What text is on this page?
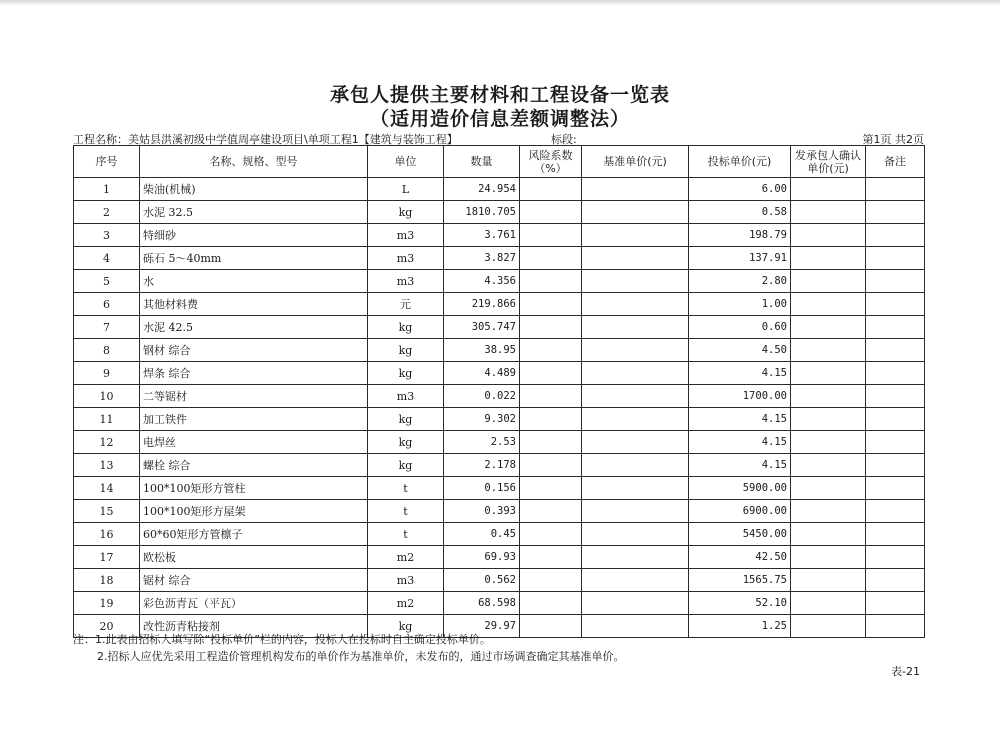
承包人提供主要材料和工程设备一览表
（适用造价信息差额调整法）
工程名称：美姑县洪溪初级中学值周亭建设项目\单项工程1【建筑与装饰工程】	标段:	第1页 共2页
序号	名称、规格、型号	单位	数量	风险系数（%）	基准单价(元)	投标单价(元)	发承包人确认单价(元)	备注
1	柴油(机械)	L	24.954			6.00		
2	水泥 32.5	kg	1810.705			0.58		
3	特细砂	m3	3.761			198.79		
4	砾石 5～40mm	m3	3.827			137.91		
5	水	m3	4.356			2.80		
6	其他材料费	元	219.866			1.00		
7	水泥 42.5	kg	305.747			0.60		
8	钢材 综合	kg	38.95			4.50		
9	焊条 综合	kg	4.489			4.15		
10	二等锯材	m3	0.022			1700.00		
11	加工铁件	kg	9.302			4.15		
12	电焊丝	kg	2.53			4.15		
13	螺栓 综合	kg	2.178			4.15		
14	100*100矩形方管柱	t	0.156			5900.00		
15	100*100矩形方屋架	t	0.393			6900.00		
16	60*60矩形方管檩子	t	0.45			5450.00		
17	欧松板	m2	69.93			42.50		
18	锯材 综合	m3	0.562			1565.75		
19	彩色沥青瓦（平瓦）	m2	68.598			52.10		
20	改性沥青粘接剂	kg	29.97			1.25		
注：1.此表由招标人填写除“投标单价”栏的内容，投标人在投标时自主确定投标单价。
2.招标人应优先采用工程造价管理机构发布的单价作为基准单价，未发布的，通过市场调查确定其基准单价。
表-21
